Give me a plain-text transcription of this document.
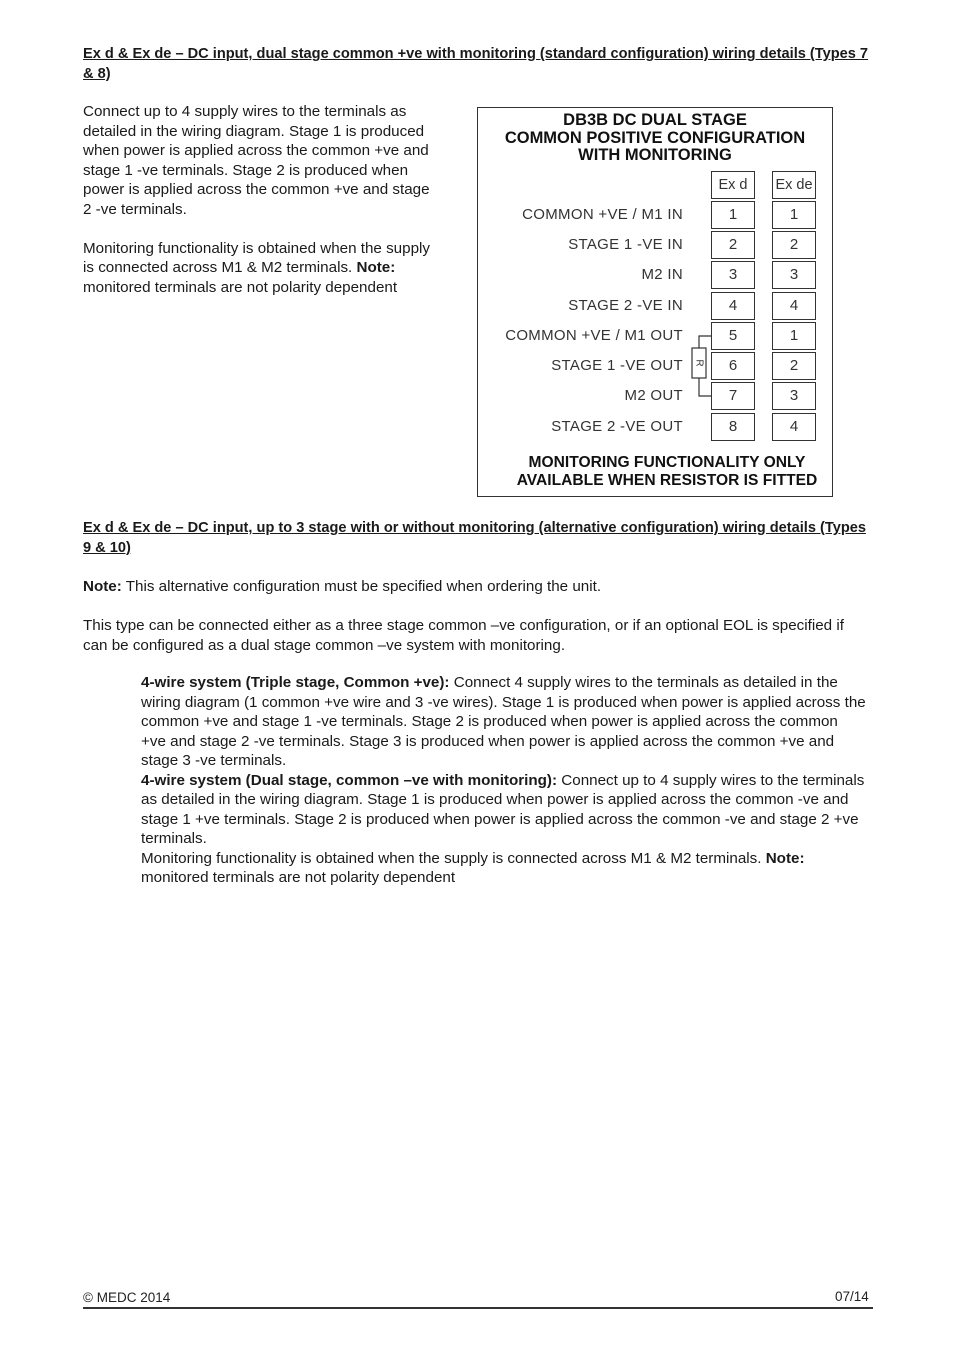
Ex d & Ex de – DC input, dual stage common +ve with monitoring (standard configuration) wiring details (Types 7 & 8)

Connect up to 4 supply wires to the terminals as detailed in the wiring diagram. Stage 1 is produced when power is applied across the common +ve and stage 1 -ve terminals. Stage 2 is produced when power is applied across the common +ve and stage 2 -ve terminals.

Monitoring functionality is obtained when the supply is connected across M1 & M2 terminals. Note: monitored terminals are not polarity dependent

DB3B DC DUAL STAGE
COMMON POSITIVE CONFIGURATION
WITH MONITORING
Ex d	Ex de
COMMON +VE / M1 IN	1	1
STAGE 1 -VE IN	2	2
M2 IN	3	3
STAGE 2 -VE IN	4	4
COMMON +VE / M1 OUT	5	1
STAGE 1 -VE OUT	6	2
M2 OUT	7	3
STAGE 2 -VE OUT	8	4
R
MONITORING FUNCTIONALITY ONLY
AVAILABLE WHEN RESISTOR IS FITTED
Ex d & Ex de – DC input, up to 3 stage with or without monitoring (alternative configuration) wiring details (Types 9 & 10)
Note: This alternative configuration must be specified when ordering the unit.
This type can be connected either as a three stage common –ve configuration, or if an optional EOL is specified if can be configured as a dual stage common –ve system with monitoring.
4-wire system (Triple stage, Common +ve): Connect 4 supply wires to the terminals as detailed in the wiring diagram (1 common +ve wire and 3 -ve wires). Stage 1 is produced when power is applied across the common +ve and stage 1 -ve terminals. Stage 2 is produced when power is applied across the common +ve and stage 2 -ve terminals. Stage 3 is produced when power is applied across the common +ve and stage 3 -ve terminals.
4-wire system (Dual stage, common –ve with monitoring): Connect up to 4 supply wires to the terminals as detailed in the wiring diagram. Stage 1 is produced when power is applied across the common -ve and stage 1 +ve terminals. Stage 2 is produced when power is applied across the common -ve and stage 2 +ve terminals.
Monitoring functionality is obtained when the supply is connected across M1 & M2 terminals. Note: monitored terminals are not polarity dependent
© MEDC 2014	07/14
